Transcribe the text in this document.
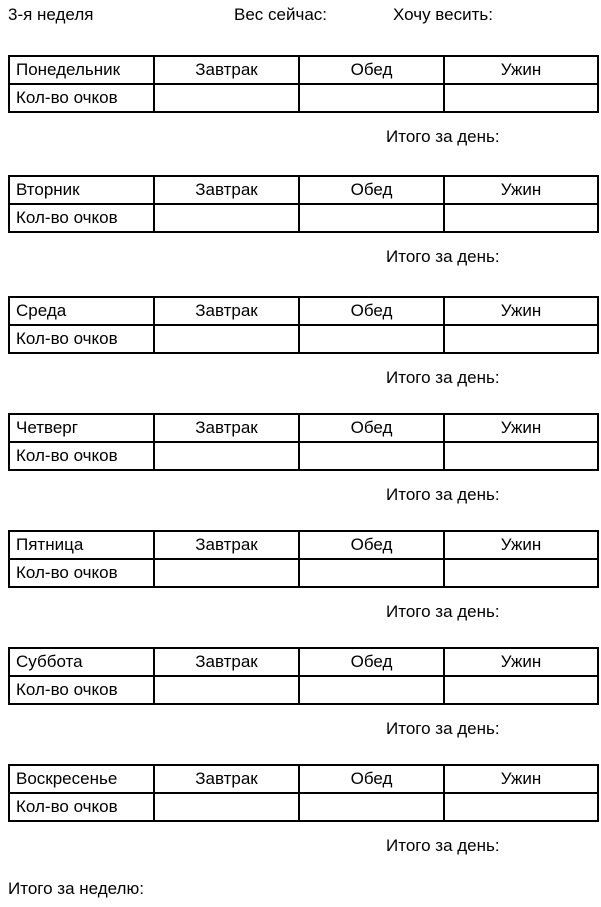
3-я неделя	Вес сейчас:	Хочу весить:
Понедельник	Завтрак	Обед	Ужин
Кол-во очков			
Итого за день:
Вторник	Завтрак	Обед	Ужин
Кол-во очков			
Итого за день:
Среда	Завтрак	Обед	Ужин
Кол-во очков			
Итого за день:
Четверг	Завтрак	Обед	Ужин
Кол-во очков			
Итого за день:
Пятница	Завтрак	Обед	Ужин
Кол-во очков			
Итого за день:
Суббота	Завтрак	Обед	Ужин
Кол-во очков			
Итого за день:
Воскресенье	Завтрак	Обед	Ужин
Кол-во очков			
Итого за день:
Итого за неделю:
